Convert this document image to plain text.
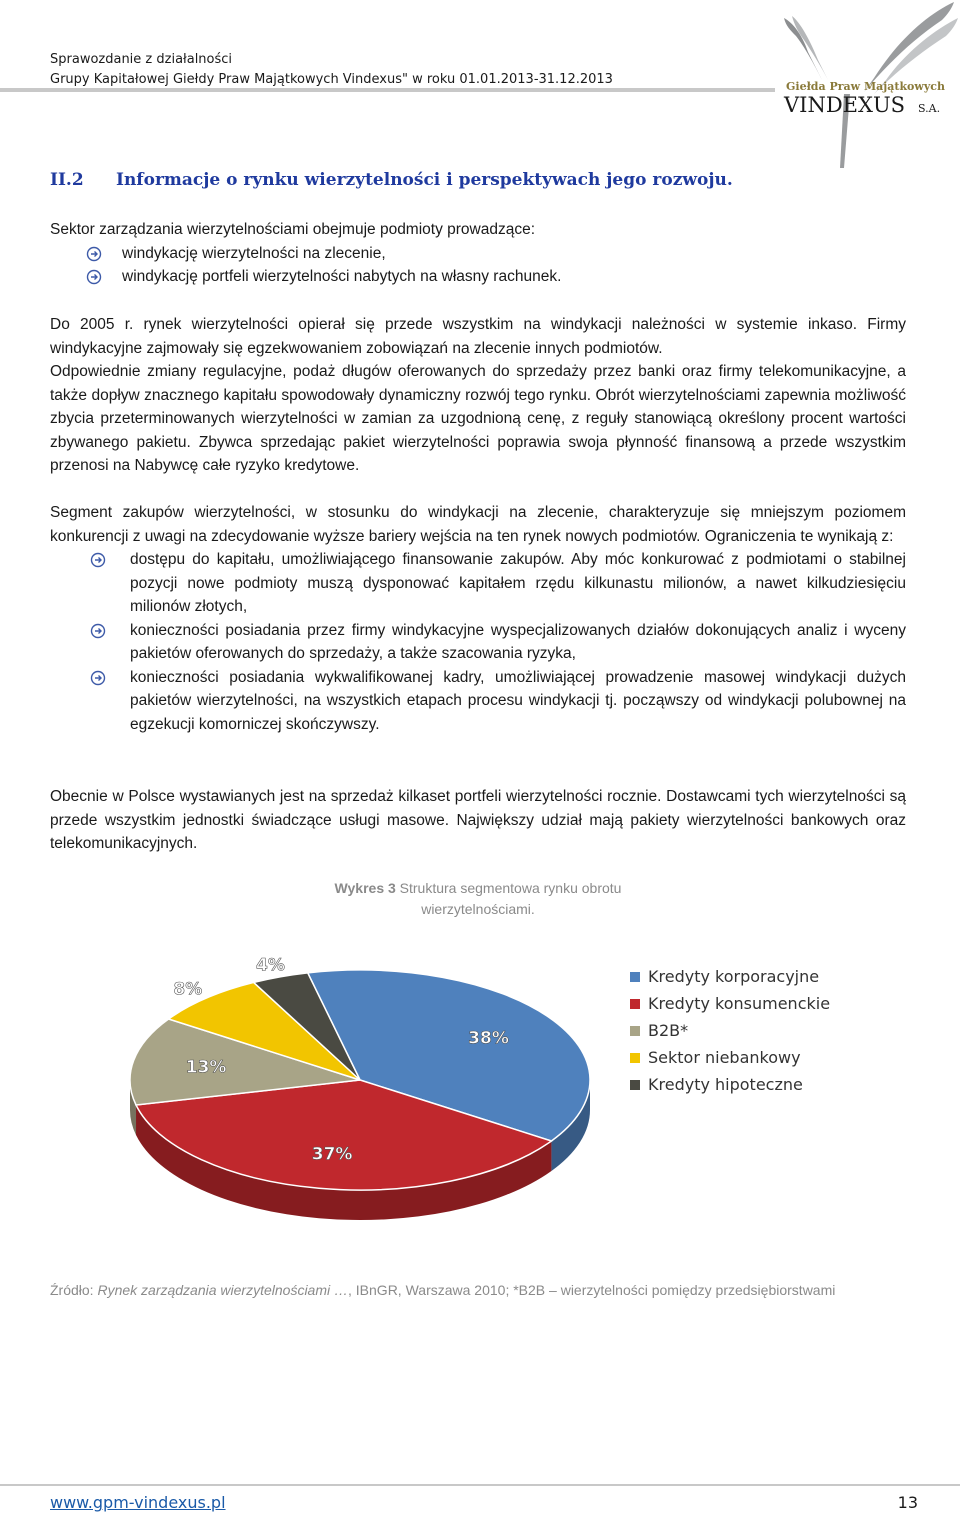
Sprawozdanie z działalności
Grupy Kapitałowej Giełdy Praw Majątkowych Vindexus" w roku 01.01.2013-31.12.2013	Giełda Praw Majątkowych
VINDEXUS S.A.
II.2 Informacje o rynku wierzytelności i perspektywach jego rozwoju.
Sektor zarządzania wierzytelnościami obejmuje podmioty prowadzące:
windykację wierzytelności na zlecenie,
windykację portfeli wierzytelności nabytych na własny rachunek.
Do 2005 r. rynek wierzytelności opierał się przede wszystkim na windykacji należności w systemie inkaso. Firmy windykacyjne zajmowały się egzekwowaniem zobowiązań na zlecenie innych podmiotów.
Odpowiednie zmiany regulacyjne, podaż długów oferowanych do sprzedaży przez banki oraz firmy telekomunikacyjne, a także dopływ znacznego kapitału spowodowały dynamiczny rozwój tego rynku. Obrót wierzytelnościami zapewnia możliwość zbycia przeterminowanych wierzytelności w zamian za uzgodnioną cenę, z reguły stanowiącą określony procent wartości zbywanego pakietu. Zbywca sprzedając pakiet wierzytelności poprawia swoja płynność finansową a przede wszystkim przenosi na Nabywcę całe ryzyko kredytowe.
Segment zakupów wierzytelności, w stosunku do windykacji na zlecenie, charakteryzuje się mniejszym poziomem konkurencji z uwagi na zdecydowanie wyższe bariery wejścia na ten rynek nowych podmiotów. Ograniczenia te wynikają z:
dostępu do kapitału, umożliwiającego finansowanie zakupów. Aby móc konkurować z podmiotami o stabilnej pozycji nowe podmioty muszą dysponować kapitałem rzędu kilkunastu milionów, a nawet kilkudziesięciu milionów złotych,
konieczności posiadania przez firmy windykacyjne wyspecjalizowanych działów dokonujących analiz i wyceny pakietów oferowanych do sprzedaży, a także szacowania ryzyka,
konieczności posiadania wykwalifikowanej kadry, umożliwiającej prowadzenie masowej windykacji dużych pakietów wierzytelności, na wszystkich etapach procesu windykacji tj. począwszy od windykacji polubownej na egzekucji komorniczej skończywszy.
Obecnie w Polsce wystawianych jest na sprzedaż kilkaset portfeli wierzytelności rocznie. Dostawcami tych wierzytelności są przede wszystkim jednostki świadczące usługi masowe. Największy udział mają pakiety wierzytelności bankowych oraz telekomunikacyjnych.
Wykres 3 Struktura segmentowa rynku obrotu
wierzytelnościami.
38%
37%
13%
8%
4%
Kredyty korporacyjne
Kredyty konsumenckie
B2B*
Sektor niebankowy
Kredyty hipoteczne
Źródło: Rynek zarządzania wierzytelnościami …, IBnGR, Warszawa 2010; *B2B – wierzytelności pomiędzy przedsiębiorstwami
www.gpm-vindexus.pl	13
